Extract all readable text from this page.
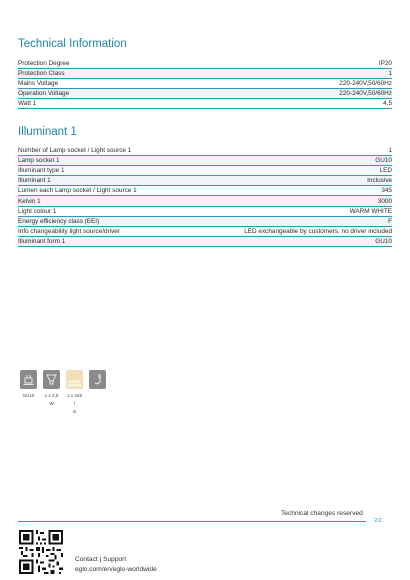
Technical Information
Protection Degree	IP20
Protection Class	1
Mains Voltage	220-240V,50/60Hz
Operation Voltage	220-240V,50/60Hz
Watt 1	4,5
Illuminant 1
Number of Lamp socket / Light source 1	1
Lamp socket 1	GU10
Illuminant type 1	LED
Illuminant 1	Inclusive
Lumen each Lamp socket / Light source 1	345
Kelvin 1	3000
Light colour 1	WARM WHITE
Energy efficiency class (EEI)	F
Info changeability light source/driver	LED exchangeable by customers, no driver included
Illuminant form 1	GU10
WARM
WHITE
GU10	1 x 4,5
W
1 x 345 l
m
Technical changes reserved
2/2
Contact | Support
eglo.com/en/eglo-worldwide
